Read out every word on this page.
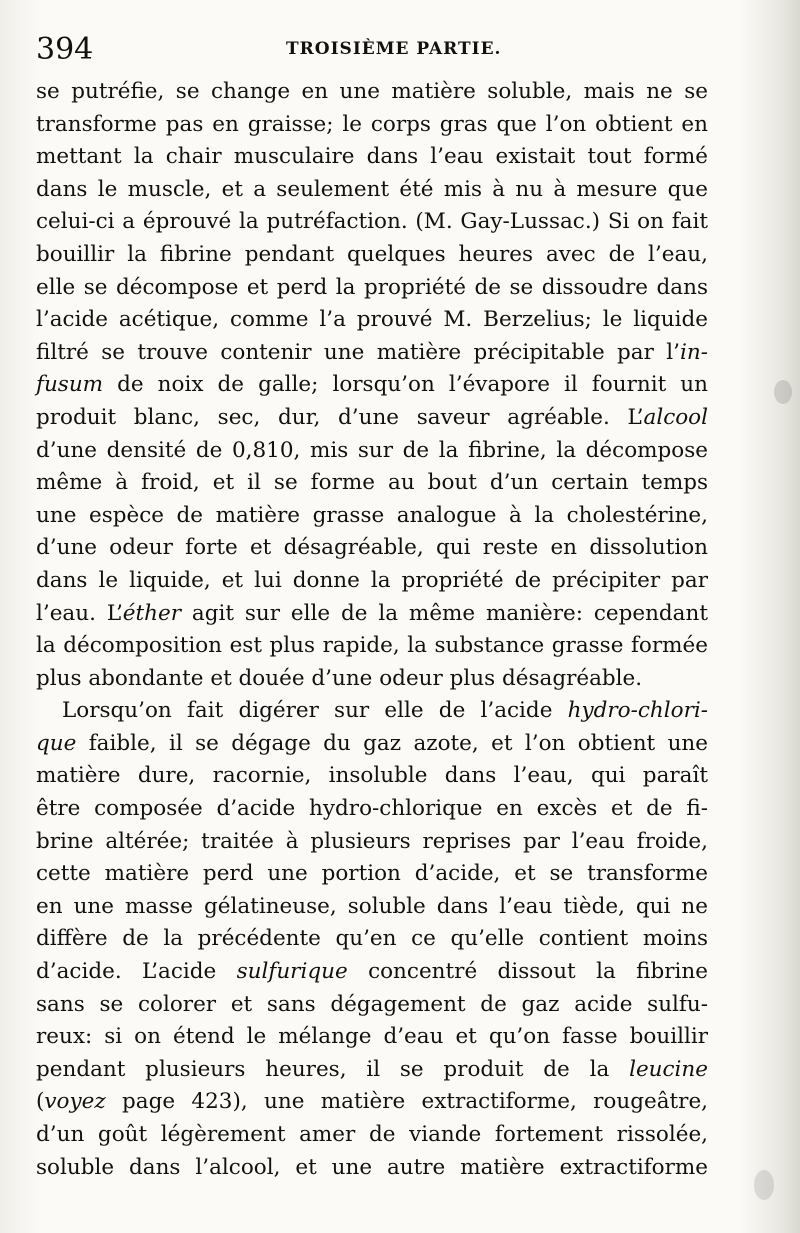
394	TROISIÈME PARTIE.
se putréfie, se change en une matière soluble, mais ne se
transforme pas en graisse; le corps gras que l’on obtient en
mettant la chair musculaire dans l’eau existait tout formé
dans le muscle, et a seulement été mis à nu à mesure que
celui-ci a éprouvé la putréfaction. (M. Gay-Lussac.) Si on fait
bouillir la fibrine pendant quelques heures avec de l’eau,
elle se décompose et perd la propriété de se dissoudre dans
l’acide acétique, comme l’a prouvé M. Berzelius; le liquide
filtré se trouve contenir une matière précipitable par l’in-
fusum de noix de galle; lorsqu’on l’évapore il fournit un
produit blanc, sec, dur, d’une saveur agréable. L’alcool
d’une densité de 0,810, mis sur de la fibrine, la décompose
même à froid, et il se forme au bout d’un certain temps
une espèce de matière grasse analogue à la cholestérine,
d’une odeur forte et désagréable, qui reste en dissolution
dans le liquide, et lui donne la propriété de précipiter par
l’eau. L’éther agit sur elle de la même manière: cependant
la décomposition est plus rapide, la substance grasse formée
plus abondante et douée d’une odeur plus désagréable.
Lorsqu’on fait digérer sur elle de l’acide hydro-chlori-
que faible, il se dégage du gaz azote, et l’on obtient une
matière dure, racornie, insoluble dans l’eau, qui paraît
être composée d’acide hydro-chlorique en excès et de fi-
brine altérée; traitée à plusieurs reprises par l’eau froide,
cette matière perd une portion d’acide, et se transforme
en une masse gélatineuse, soluble dans l’eau tiède, qui ne
diffère de la précédente qu’en ce qu’elle contient moins
d’acide. L’acide sulfurique concentré dissout la fibrine
sans se colorer et sans dégagement de gaz acide sulfu-
reux: si on étend le mélange d’eau et qu’on fasse bouillir
pendant plusieurs heures, il se produit de la leucine
(voyez page 423), une matière extractiforme, rougeâtre,
d’un goût légèrement amer de viande fortement rissolée,
soluble dans l’alcool, et une autre matière extractiforme
